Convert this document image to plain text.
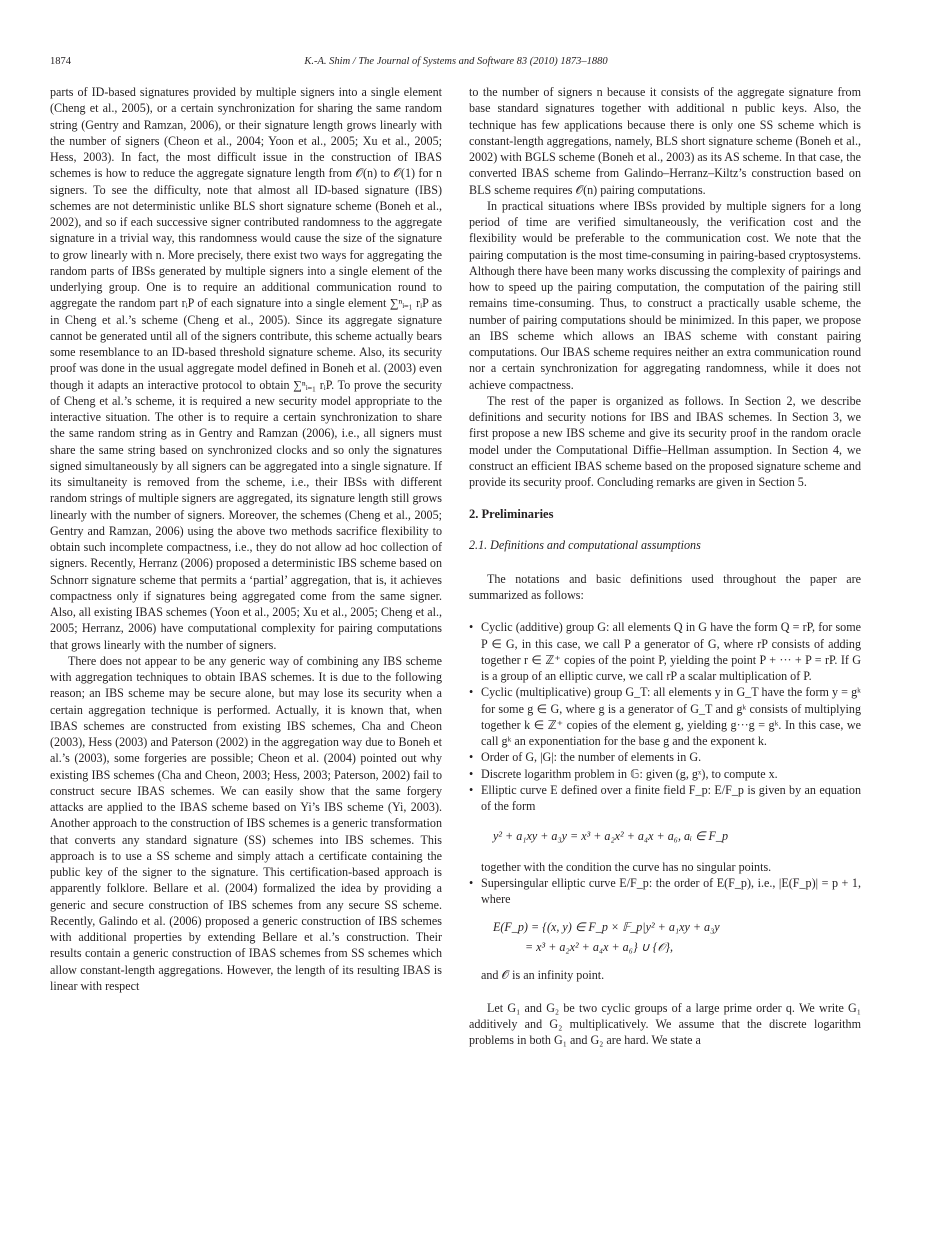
1874	K.-A. Shim / The Journal of Systems and Software 83 (2010) 1873–1880

parts of ID-based signatures provided by multiple signers into a single element (Cheng et al., 2005), or a certain synchronization for sharing the same random string (Gentry and Ramzan, 2006), or their signature length grows linearly with the number of signers (Cheon et al., 2004; Yoon et al., 2005; Xu et al., 2005; Hess, 2003). In fact, the most difficult issue in the construction of IBAS schemes is how to reduce the aggregate signature length from 𝒪(n) to 𝒪(1) for n signers. To see the difficulty, note that almost all ID-based signature (IBS) schemes are not deterministic unlike BLS short signature scheme (Boneh et al., 2002), and so if each successive signer contributed randomness to the aggregate signature in a trivial way, this randomness would cause the size of the signature to grow linearly with n. More precisely, there exist two ways for aggregating the random parts of IBSs generated by multiple signers into a single element of the underlying group. One is to require an additional communication round to aggregate the random part rᵢP of each signature into a single element ∑ⁿᵢ₌₁ rᵢP as in Cheng et al.’s scheme (Cheng et al., 2005). Since its aggregate signature cannot be generated until all of the signers contribute, this scheme actually bears some resemblance to an ID-based threshold signature scheme. Also, its security proof was done in the usual aggregate model defined in Boneh et al. (2003) even though it adapts an interactive protocol to obtain ∑ⁿᵢ₌₁ rᵢP. To prove the security of Cheng et al.’s scheme, it is required a new security model appropriate to the interactive situation. The other is to require a certain synchronization to share the same random string as in Gentry and Ramzan (2006), i.e., all signers must share the same string based on synchronized clocks and so only the signatures signed simultaneously by all signers can be aggregated into a single signature. If its simultaneity is removed from the scheme, i.e., their IBSs with different random strings of multiple signers are aggregated, its signature length still grows linearly with the number of signers. Moreover, the schemes (Cheng et al., 2005; Gentry and Ramzan, 2006) using the above two methods sacrifice flexibility to obtain such incomplete compactness, i.e., they do not allow ad hoc collection of signers. Recently, Herranz (2006) proposed a deterministic IBS scheme based on Schnorr signature scheme that permits a ‘partial’ aggregation, that is, it achieves compactness only if signatures being aggregated come from the same signer. Also, all existing IBAS schemes (Yoon et al., 2005; Xu et al., 2005; Cheng et al., 2005; Herranz, 2006) have computational complexity for pairing computations that grows linearly with the number of signers.

There does not appear to be any generic way of combining any IBS scheme with aggregation techniques to obtain IBAS schemes. It is due to the following reason; an IBS scheme may be secure alone, but may lose its security when a certain aggregation technique is performed. Actually, it is known that, when IBAS schemes are constructed from existing IBS schemes, Cha and Cheon (2003), Hess (2003) and Paterson (2002) in the aggregation way due to Boneh et al.’s (2003), some forgeries are possible; Cheon et al. (2004) pointed out why existing IBS schemes (Cha and Cheon, 2003; Hess, 2003; Paterson, 2002) fail to construct secure IBAS schemes. We can easily show that the same forgery attacks are applied to the IBAS scheme based on Yi’s IBS scheme (Yi, 2003). Another approach to the construction of IBS schemes is a generic transformation that converts any standard signature (SS) schemes into IBS schemes. This approach is to use a SS scheme and simply attach a certificate containing the public key of the signer to the signature. This certification-based approach is apparently folklore. Bellare et al. (2004) formalized the idea by providing a generic and secure construction of IBS schemes from any secure SS scheme. Recently, Galindo et al. (2006) proposed a generic construction of IBS schemes with additional properties by extending Bellare et al.’s construction. Their results contain a generic construction of IBAS schemes from SS schemes which allow constant-length aggregations. However, the length of its resulting IBAS is linear with respect

to the number of signers n because it consists of the aggregate signature from base standard signatures together with additional n public keys. Also, the technique has few applications because there is only one SS scheme which is constant-length aggregations, namely, BLS short signature scheme (Boneh et al., 2002) with BGLS scheme (Boneh et al., 2003) as its AS scheme. In that case, the converted IBAS scheme from Galindo–Herranz–Kiltz’s construction based on BLS scheme requires 𝒪(n) pairing computations.

In practical situations where IBSs provided by multiple signers for a long period of time are verified simultaneously, the verification cost and the flexibility would be preferable to the communication cost. We note that the pairing computation is the most time-consuming in pairing-based cryptosystems. Although there have been many works discussing the complexity of pairings and how to speed up the pairing computation, the computation of the pairing still remains time-consuming. Thus, to construct a practically usable scheme, the number of pairing computations should be minimized. In this paper, we propose an IBS scheme which allows an IBAS scheme with constant pairing computations. Our IBAS scheme requires neither an extra communication round nor a certain synchronization for aggregating randomness, while it does not achieve compactness.

The rest of the paper is organized as follows. In Section 2, we describe definitions and security notions for IBS and IBAS schemes. In Section 3, we first propose a new IBS scheme and give its security proof in the random oracle model under the Computational Diffie–Hellman assumption. In Section 4, we construct an efficient IBAS scheme based on the proposed signature scheme and provide its security proof. Concluding remarks are given in Section 5.

2. Preliminaries
2.1. Definitions and computational assumptions

The notations and basic definitions used throughout the paper are summarized as follows:

• Cyclic (additive) group G: all elements Q in G have the form Q = rP, for some P ∈ G, in this case, we call P a generator of G, where rP consists of adding together r ∈ ℤ⁺ copies of the point P, yielding the point P + ··· + P = rP. If G is a group of an elliptic curve, we call rP a scalar multiplication of P.
• Cyclic (multiplicative) group G_T: all elements y in G_T have the form y = gᵏ for some g ∈ G, where g is a generator of G_T and gᵏ consists of multiplying together k ∈ ℤ⁺ copies of the element g, yielding g···g = gᵏ. In this case, we call gᵏ an exponentiation for the base g and the exponent k.
• Order of G, |G|: the number of elements in G.
• Discrete logarithm problem in 𝔾: given (g, gˣ), to compute x.
• Elliptic curve E defined over a finite field F_p: E/F_p is given by an equation of the form
y² + a₁xy + a₃y = x³ + a₂x² + a₄x + a₆, aᵢ ∈ F_p
together with the condition the curve has no singular points.
• Supersingular elliptic curve E/F_p: the order of E(F_p), i.e., |E(F_p)| = p + 1, where
E(F_p) = {(x, y) ∈ F_p × 𝔽_p|y² + a₁xy + a₃y
= x³ + a₂x² + a₄x + a₆} ∪ {𝒪},
and 𝒪 is an infinity point.

Let G₁ and G₂ be two cyclic groups of a large prime order q. We write G₁ additively and G₂ multiplicatively. We assume that the discrete logarithm problems in both G₁ and G₂ are hard. We state a
